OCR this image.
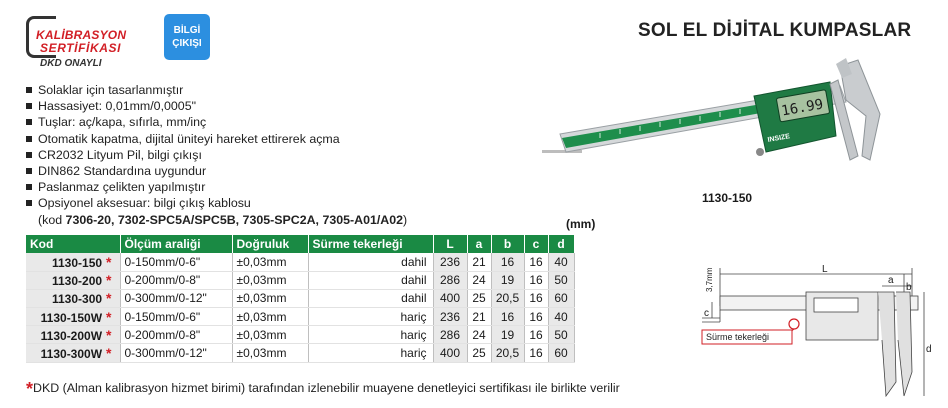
KALİBRASYON
SERTİFİKASI
DKD ONAYLI
BİLGİ
ÇIKIŞI
SOL EL DİJİTAL KUMPASLAR
Solaklar için tasarlanmıştır
Hassasiyet: 0,01mm/0,0005"
Tuşlar: aç/kapa, sıfırla, mm/inç
Otomatik kapatma, dijital üniteyi hareket ettirerek açma
CR2032 Lityum Pil, bilgi çıkışı
DIN862 Standardına uygundur
Paslanmaz çelikten yapılmıştır
Opsiyonel aksesuar: bilgi çıkış kablosu
(kod 7306-20, 7302-SPC5A/SPC5B, 7305-SPC2A, 7305-A01/A02)	(mm)
Kod	Ölçüm araliği	Doğruluk	Sürme tekerleği	L	a	b	c	d
1130-150 *	0-150mm/0-6"	±0,03mm	dahil	236	21	16	16	40
1130-200 *	0-200mm/0-8"	±0,03mm	dahil	286	24	19	16	50
1130-300 *	0-300mm/0-12"	±0,03mm	dahil	400	25	20,5	16	60
1130-150W *	0-150mm/0-6"	±0,03mm	hariç	236	21	16	16	40
1130-200W *	0-200mm/0-8"	±0,03mm	hariç	286	24	19	16	50
1130-300W *	0-300mm/0-12"	±0,03mm	hariç	400	25	20,5	16	60
*DKD (Alman kalibrasyon hizmet birimi) tarafından izlenebilir muayene denetleyici sertifikası ile birlikte verilir
16.99
INSIZE
1130-150
L
a
b
c
d
3,7mm
Sürme tekerleği
